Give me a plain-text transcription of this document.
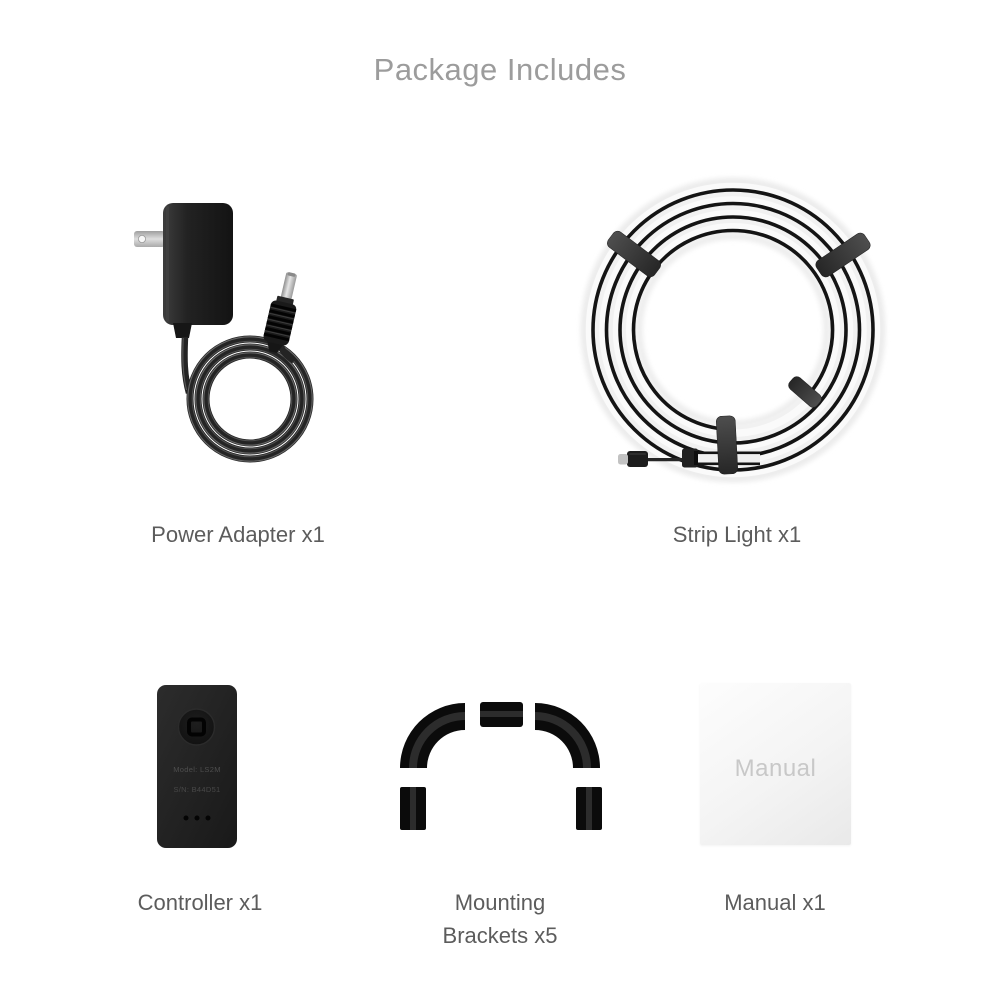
Package Includes
Power Adapter x1	Strip Light x1
Model: LS2M
S/N: B44D51
Manual
Controller x1	Mounting
Brackets x5
Manual x1
